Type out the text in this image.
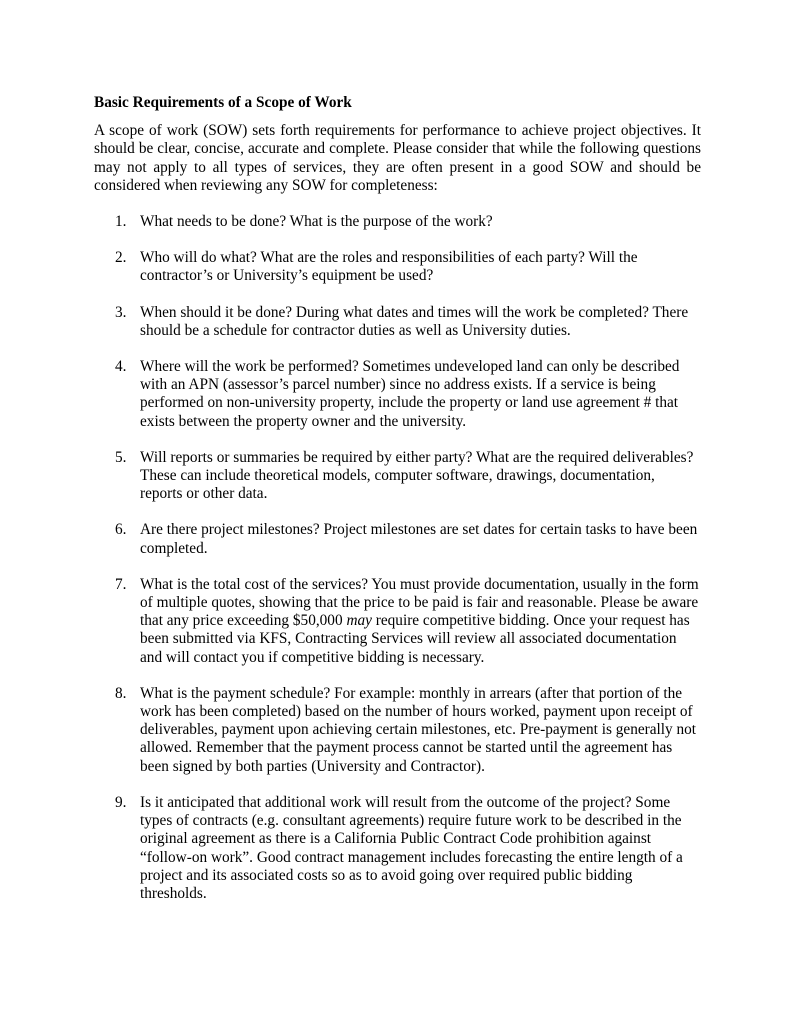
Basic Requirements of a Scope of Work
A scope of work (SOW) sets forth requirements for performance to achieve project objectives. It should be clear, concise, accurate and complete. Please consider that while the following questions may not apply to all types of services, they are often present in a good SOW and should be considered when reviewing any SOW for completeness:
1. What needs to be done? What is the purpose of the work?
2. Who will do what? What are the roles and responsibilities of each party? Will the contractor’s or University’s equipment be used?
3. When should it be done? During what dates and times will the work be completed? There should be a schedule for contractor duties as well as University duties.
4. Where will the work be performed? Sometimes undeveloped land can only be described with an APN (assessor’s parcel number) since no address exists. If a service is being performed on non-university property, include the property or land use agreement # that exists between the property owner and the university.
5. Will reports or summaries be required by either party? What are the required deliverables? These can include theoretical models, computer software, drawings, documentation, reports or other data.
6. Are there project milestones? Project milestones are set dates for certain tasks to have been completed.
7. What is the total cost of the services? You must provide documentation, usually in the form of multiple quotes, showing that the price to be paid is fair and reasonable. Please be aware that any price exceeding $50,000 may require competitive bidding. Once your request has been submitted via KFS, Contracting Services will review all associated documentation and will contact you if competitive bidding is necessary.
8. What is the payment schedule? For example: monthly in arrears (after that portion of the work has been completed) based on the number of hours worked, payment upon receipt of deliverables, payment upon achieving certain milestones, etc. Pre-payment is generally not allowed. Remember that the payment process cannot be started until the agreement has been signed by both parties (University and Contractor).
9. Is it anticipated that additional work will result from the outcome of the project? Some types of contracts (e.g. consultant agreements) require future work to be described in the original agreement as there is a California Public Contract Code prohibition against “follow-on work”. Good contract management includes forecasting the entire length of a project and its associated costs so as to avoid going over required public bidding thresholds.
